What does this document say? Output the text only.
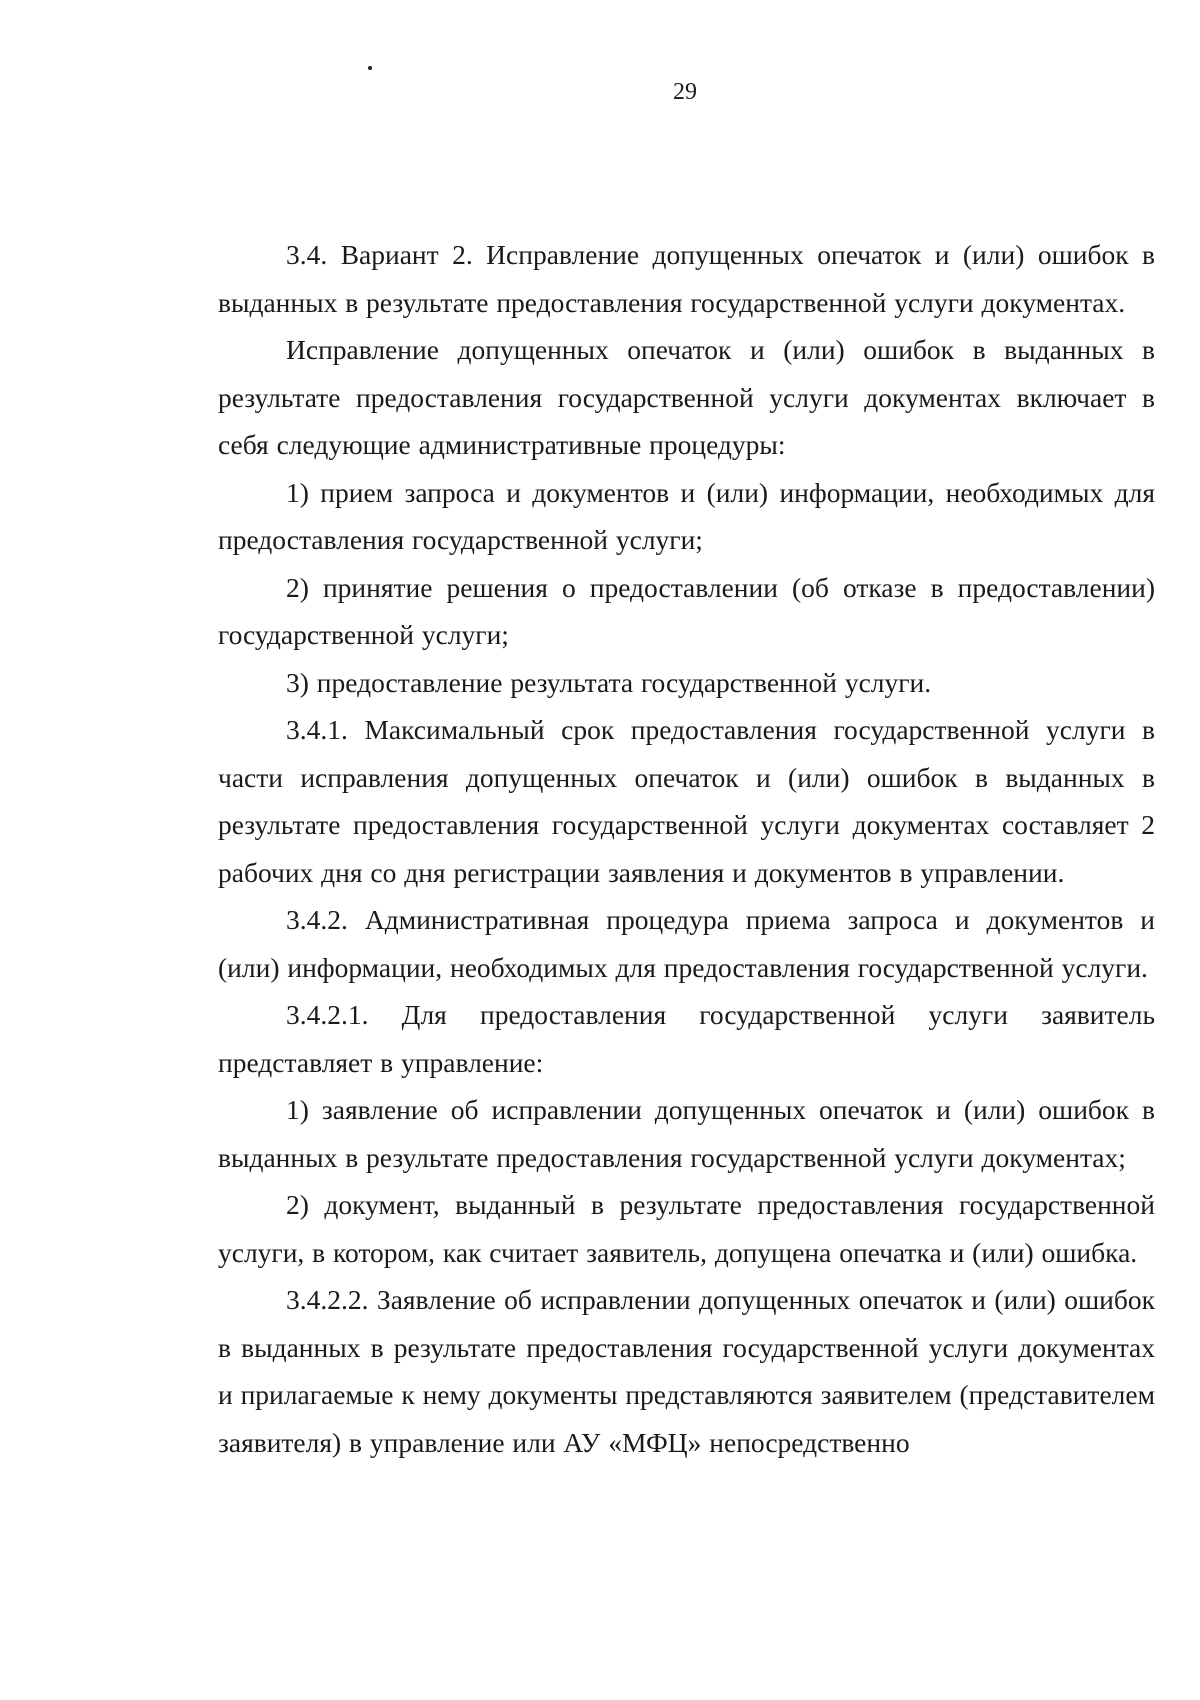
29

3.4. Вариант 2. Исправление допущенных опечаток и (или) ошибок в выданных в результате предоставления государственной услуги документах.

Исправление допущенных опечаток и (или) ошибок в выданных в результате предоставления государственной услуги документах включает в себя следующие административные процедуры:

1) прием запроса и документов и (или) информации, необходимых для предоставления государственной услуги;

2) принятие решения о предоставлении (об отказе в предоставлении) государственной услуги;

3) предоставление результата государственной услуги.

3.4.1. Максимальный срок предоставления государственной услуги в части исправления допущенных опечаток и (или) ошибок в выданных в результате предоставления государственной услуги документах составляет 2 рабочих дня со дня регистрации заявления и документов в управлении.

3.4.2. Административная процедура приема запроса и документов и (или) информации, необходимых для предоставления государственной услуги.

3.4.2.1. Для предоставления государственной услуги заявитель представляет в управление:

1) заявление об исправлении допущенных опечаток и (или) ошибок в выданных в результате предоставления государственной услуги документах;

2) документ, выданный в результате предоставления государственной услуги, в котором, как считает заявитель, допущена опечатка и (или) ошибка.

3.4.2.2. Заявление об исправлении допущенных опечаток и (или) ошибок в выданных в результате предоставления государственной услуги документах и прилагаемые к нему документы представляются заявителем (представителем заявителя) в управление или АУ «МФЦ» непосредственно
